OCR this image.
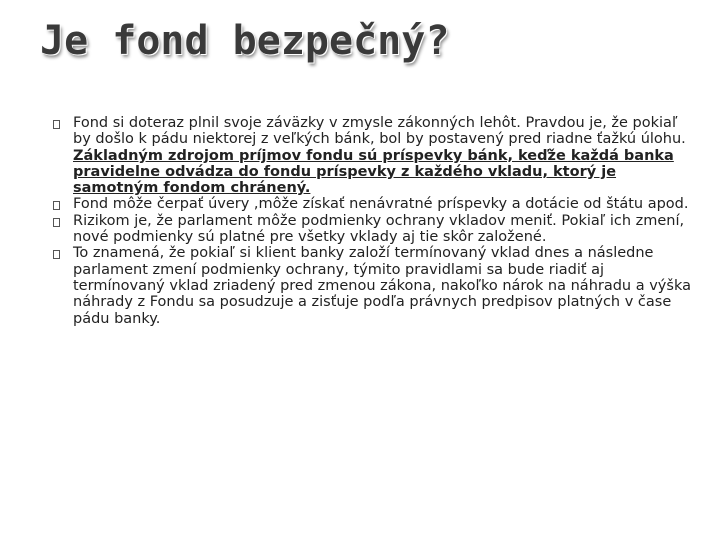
Je fond bezpečný?
Fond si doteraz plnil svoje záväzky v zmysle zákonných lehôt. Pravdou je, že pokiaľ by došlo k pádu niektorej z veľkých bánk, bol by postavený pred riadne ťažkú úlohu. Základným zdrojom príjmov fondu sú príspevky bánk, keďže každá banka pravidelne odvádza do fondu príspevky z každého vkladu, ktorý je samotným fondom chránený.
Fond môže čerpať úvery ,môže získať nenávratné príspevky a dotácie od štátu apod.
Rizikom je, že parlament môže podmienky ochrany vkladov meniť. Pokiaľ ich zmení, nové podmienky sú platné pre všetky vklady aj tie skôr založené.
To znamená, že pokiaľ si klient banky založí termínovaný vklad dnes a následne parlament zmení podmienky ochrany, týmito pravidlami sa bude riadiť aj termínovaný vklad zriadený pred zmenou zákona, nakoľko nárok na náhradu a výška náhrady z Fondu sa posudzuje a zisťuje podľa právnych predpisov platných v čase pádu banky.
